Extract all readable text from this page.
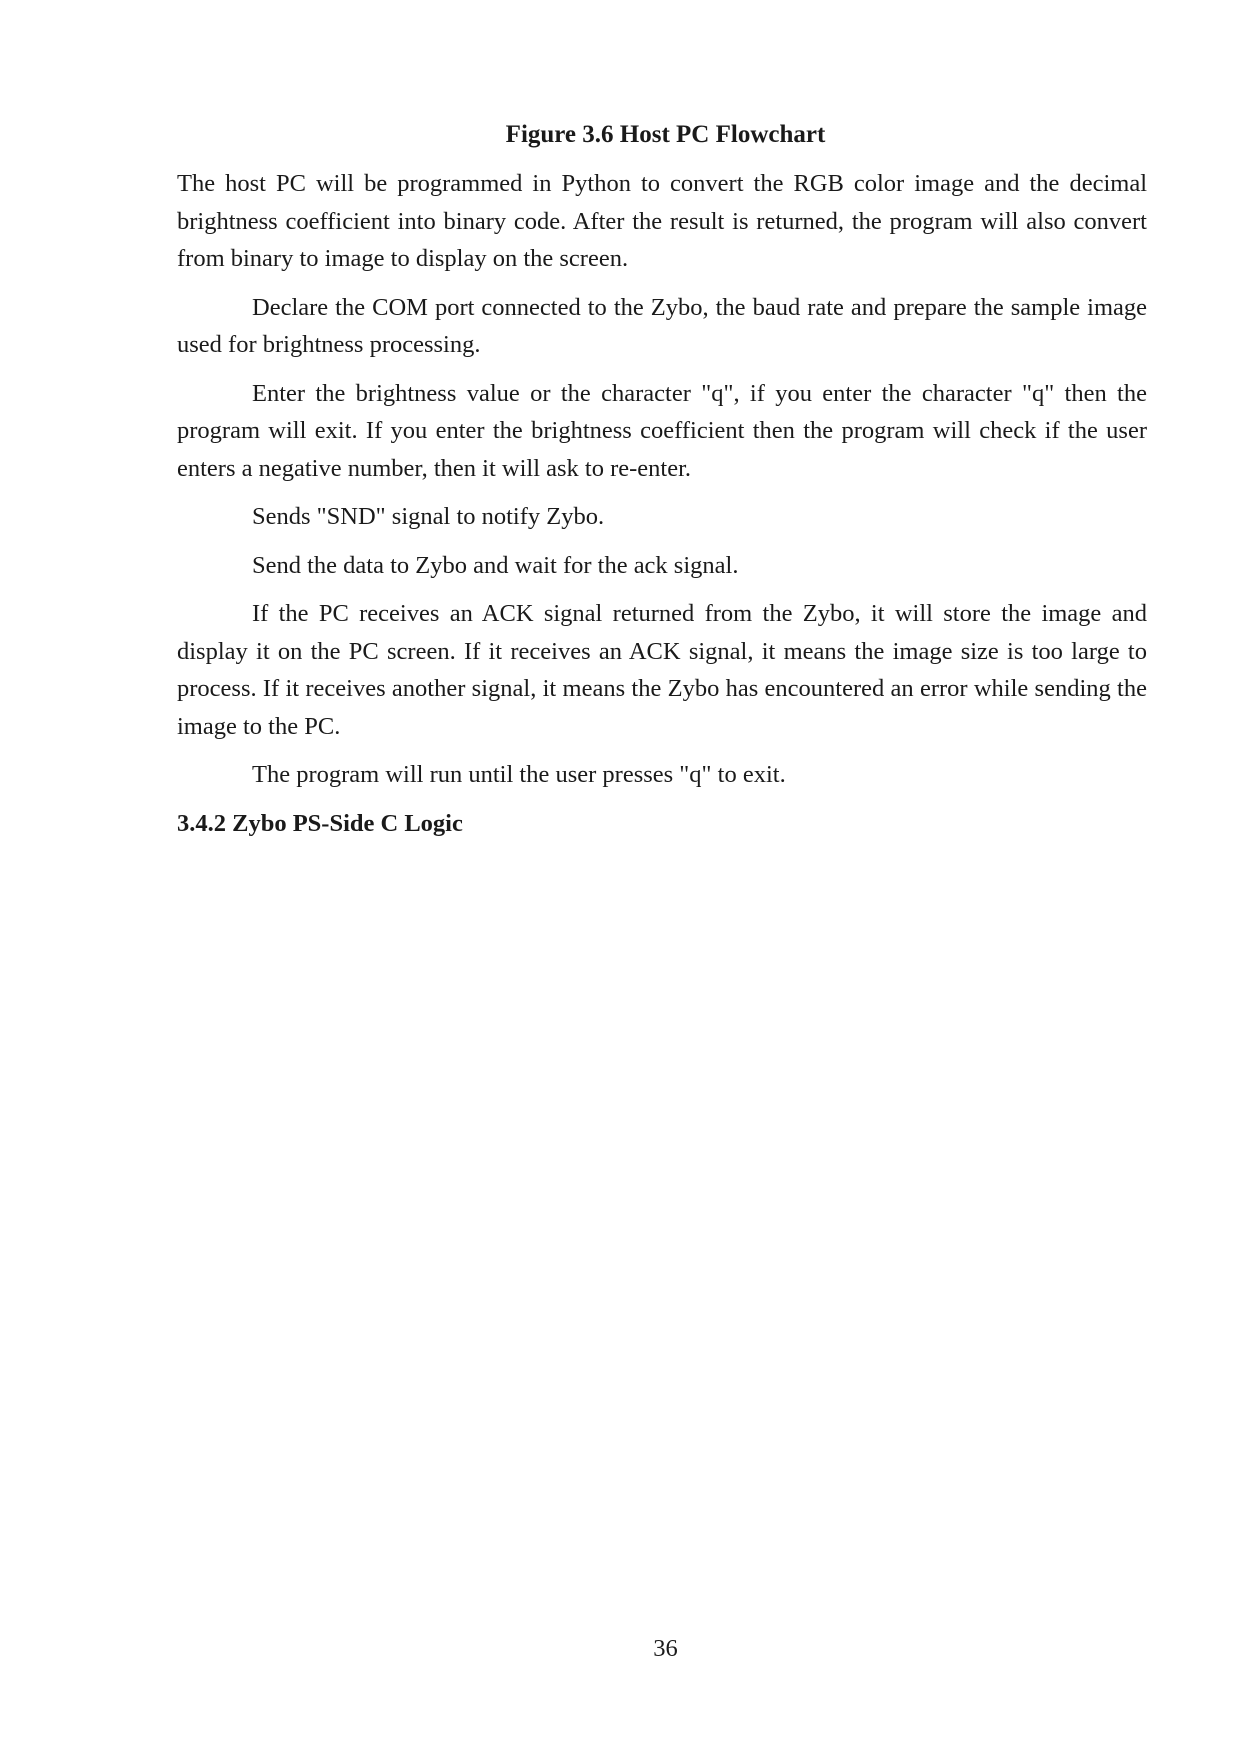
Figure 3.6 Host PC Flowchart

The host PC will be programmed in Python to convert the RGB color image and the decimal brightness coefficient into binary code. After the result is returned, the program will also convert from binary to image to display on the screen.

Declare the COM port connected to the Zybo, the baud rate and prepare the sample image used for brightness processing.

Enter the brightness value or the character "q", if you enter the character "q" then the program will exit. If you enter the brightness coefficient then the program will check if the user enters a negative number, then it will ask to re-enter.

Sends "SND" signal to notify Zybo.

Send the data to Zybo and wait for the ack signal.

If the PC receives an ACK signal returned from the Zybo, it will store the image and display it on the PC screen. If it receives an ACK signal, it means the image size is too large to process. If it receives another signal, it means the Zybo has encountered an error while sending the image to the PC.

The program will run until the user presses "q" to exit.

3.4.2 Zybo PS-Side C Logic
36
